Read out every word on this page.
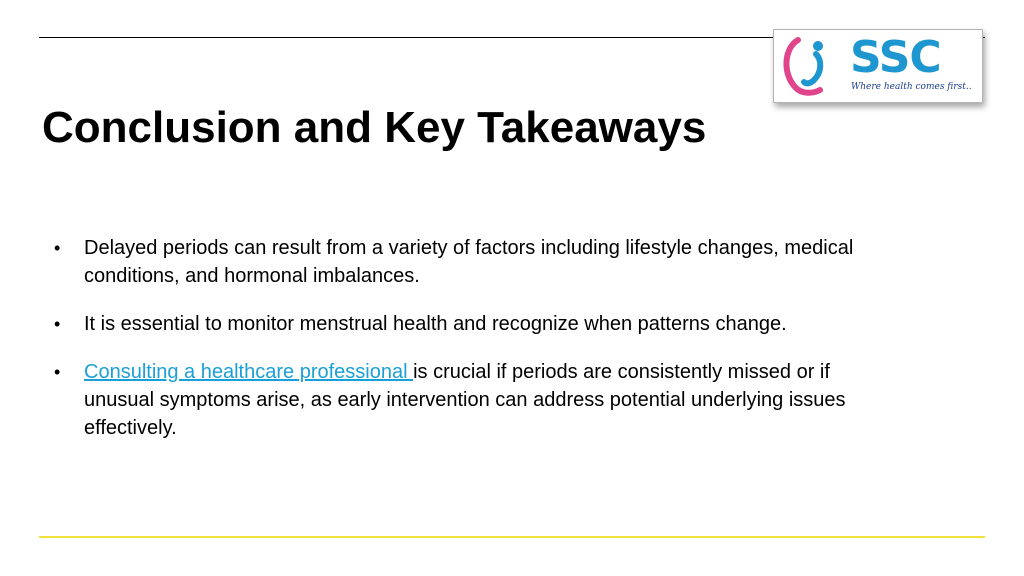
SSC
Where health comes first..
Conclusion and Key Takeaways
• Delayed periods can result from a variety of factors including lifestyle changes, medical conditions, and hormonal imbalances.
• It is essential to monitor menstrual health and recognize when patterns change.
• Consulting a healthcare professional is crucial if periods are consistently missed or if unusual symptoms arise, as early intervention can address potential underlying issues effectively.
